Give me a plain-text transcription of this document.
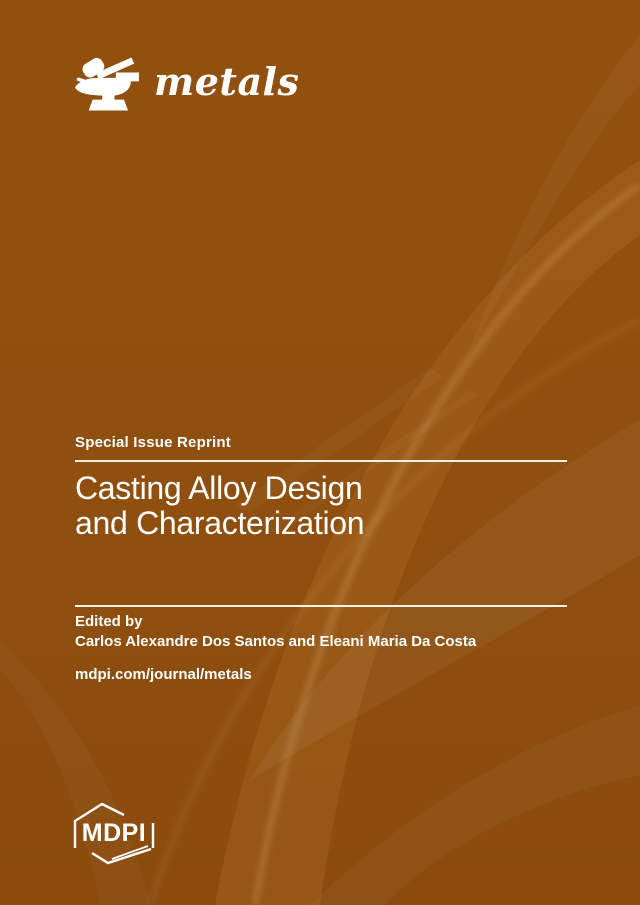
metals
Special Issue Reprint
Casting Alloy Design
and Characterization
Edited by
Carlos Alexandre Dos Santos and Eleani Maria Da Costa
mdpi.com/journal/metals
MDPI
